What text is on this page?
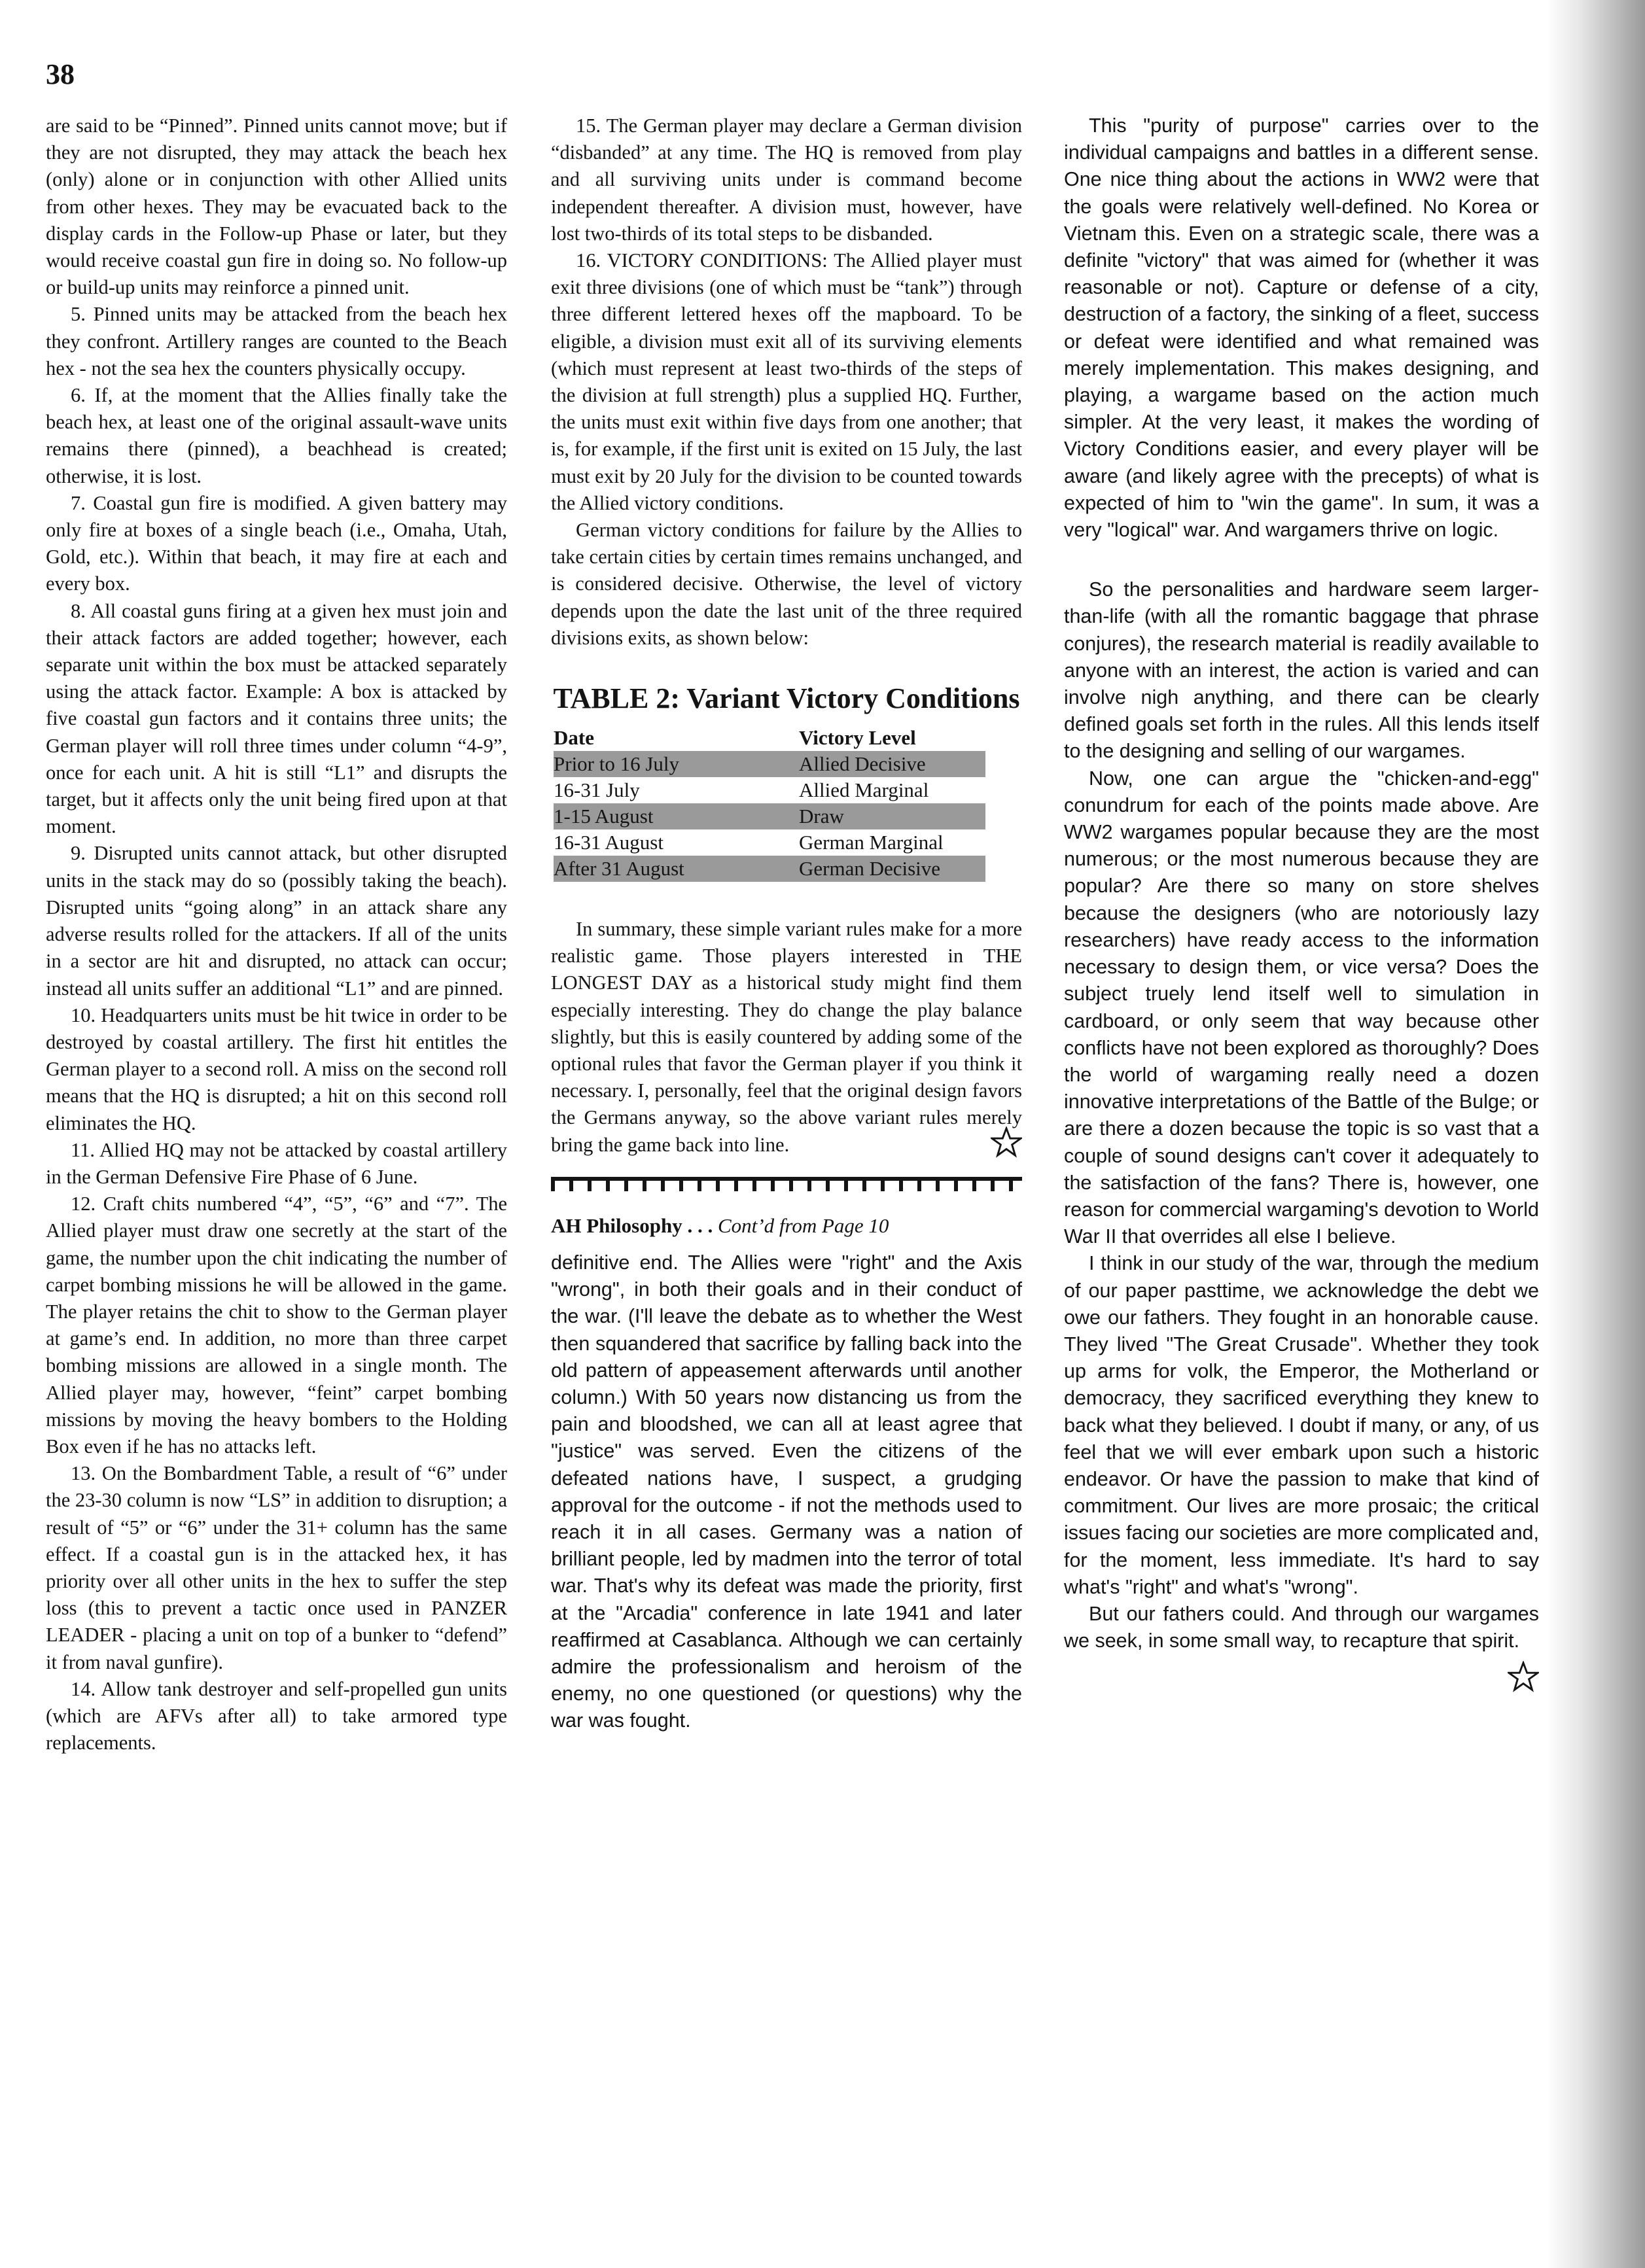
38

are said to be “Pinned”. Pinned units cannot move; but if they are not disrupted, they may attack the beach hex (only) alone or in conjunction with other Allied units from other hexes. They may be evacuated back to the display cards in the Follow-up Phase or later, but they would receive coastal gun fire in doing so. No follow-up or build-up units may reinforce a pinned unit.

5. Pinned units may be attacked from the beach hex they confront. Artillery ranges are counted to the Beach hex - not the sea hex the counters physically occupy.

6. If, at the moment that the Allies finally take the beach hex, at least one of the original assault-wave units remains there (pinned), a beachhead is created; otherwise, it is lost.

7. Coastal gun fire is modified. A given battery may only fire at boxes of a single beach (i.e., Omaha, Utah, Gold, etc.). Within that beach, it may fire at each and every box.

8. All coastal guns firing at a given hex must join and their attack factors are added together; however, each separate unit within the box must be attacked separately using the attack factor. Example: A box is attacked by five coastal gun factors and it contains three units; the German player will roll three times under column “4-9”, once for each unit. A hit is still “L1” and disrupts the target, but it affects only the unit being fired upon at that moment.

9. Disrupted units cannot attack, but other disrupted units in the stack may do so (possibly taking the beach). Disrupted units “going along” in an attack share any adverse results rolled for the attackers. If all of the units in a sector are hit and disrupted, no attack can occur; instead all units suffer an additional “L1” and are pinned.

10. Headquarters units must be hit twice in order to be destroyed by coastal artillery. The first hit entitles the German player to a second roll. A miss on the second roll means that the HQ is disrupted; a hit on this second roll eliminates the HQ.

11. Allied HQ may not be attacked by coastal artillery in the German Defensive Fire Phase of 6 June.

12. Craft chits numbered “4”, “5”, “6” and “7”. The Allied player must draw one secretly at the start of the game, the number upon the chit indicating the number of carpet bombing missions he will be allowed in the game. The player retains the chit to show to the German player at game’s end. In addition, no more than three carpet bombing missions are allowed in a single month. The Allied player may, however, “feint” carpet bombing missions by moving the heavy bombers to the Holding Box even if he has no attacks left.

13. On the Bombardment Table, a result of “6” under the 23-30 column is now “LS” in addition to disruption; a result of “5” or “6” under the 31+ column has the same effect. If a coastal gun is in the attacked hex, it has priority over all other units in the hex to suffer the step loss (this to prevent a tactic once used in PANZER LEADER - placing a unit on top of a bunker to “defend” it from naval gunfire).

14. Allow tank destroyer and self-propelled gun units (which are AFVs after all) to take armored type replacements.

15. The German player may declare a German division “disbanded” at any time. The HQ is removed from play and all surviving units under is command become independent thereafter. A division must, however, have lost two-thirds of its total steps to be disbanded.

16. VICTORY CONDITIONS: The Allied player must exit three divisions (one of which must be “tank”) through three different lettered hexes off the mapboard. To be eligible, a division must exit all of its surviving elements (which must represent at least two-thirds of the steps of the division at full strength) plus a supplied HQ. Further, the units must exit within five days from one another; that is, for example, if the first unit is exited on 15 July, the last must exit by 20 July for the division to be counted towards the Allied victory conditions.

German victory conditions for failure by the Allies to take certain cities by certain times remains unchanged, and is considered decisive. Otherwise, the level of victory depends upon the date the last unit of the three required divisions exits, as shown below:

TABLE 2: Variant Victory Conditions
Date	Victory Level
Prior to 16 July	Allied Decisive
16-31 July	Allied Marginal
1-15 August	Draw
16-31 August	German Marginal
After 31 August	German Decisive

In summary, these simple variant rules make for a more realistic game. Those players interested in THE LONGEST DAY as a historical study might find them especially interesting. They do change the play balance slightly, but this is easily countered by adding some of the optional rules that favor the German player if you think it necessary. I, personally, feel that the original design favors the Germans anyway, so the above variant rules merely bring the game back into line.

AH Philosophy . . . Cont’d from Page 10

definitive end. The Allies were "right" and the Axis "wrong", in both their goals and in their conduct of the war. (I'll leave the debate as to whether the West then squandered that sacrifice by falling back into the old pattern of appeasement afterwards until another column.) With 50 years now distancing us from the pain and bloodshed, we can all at least agree that "justice" was served. Even the citizens of the defeated nations have, I suspect, a grudging approval for the outcome - if not the methods used to reach it in all cases. Germany was a nation of brilliant people, led by madmen into the terror of total war. That's why its defeat was made the priority, first at the "Arcadia" conference in late 1941 and later reaffirmed at Casablanca. Although we can certainly admire the professionalism and heroism of the enemy, no one questioned (or questions) why the war was fought.

This "purity of purpose" carries over to the individual campaigns and battles in a different sense. One nice thing about the actions in WW2 were that the goals were relatively well-defined. No Korea or Vietnam this. Even on a strategic scale, there was a definite "victory" that was aimed for (whether it was reasonable or not). Capture or defense of a city, destruction of a factory, the sinking of a fleet, success or defeat were identified and what remained was merely implementation. This makes designing, and playing, a wargame based on the action much simpler. At the very least, it makes the wording of Victory Conditions easier, and every player will be aware (and likely agree with the precepts) of what is expected of him to "win the game". In sum, it was a very "logical" war. And wargamers thrive on logic.

So the personalities and hardware seem larger-than-life (with all the romantic baggage that phrase conjures), the research material is readily available to anyone with an interest, the action is varied and can involve nigh anything, and there can be clearly defined goals set forth in the rules. All this lends itself to the designing and selling of our wargames.

Now, one can argue the "chicken-and-egg" conundrum for each of the points made above. Are WW2 wargames popular because they are the most numerous; or the most numerous because they are popular? Are there so many on store shelves because the designers (who are notoriously lazy researchers) have ready access to the information necessary to design them, or vice versa? Does the subject truely lend itself well to simulation in cardboard, or only seem that way because other conflicts have not been explored as thoroughly? Does the world of wargaming really need a dozen innovative interpretations of the Battle of the Bulge; or are there a dozen because the topic is so vast that a couple of sound designs can't cover it adequately to the satisfaction of the fans? There is, however, one reason for commercial wargaming's devotion to World War II that overrides all else I believe.

I think in our study of the war, through the medium of our paper pasttime, we acknowledge the debt we owe our fathers. They fought in an honorable cause. They lived "The Great Crusade". Whether they took up arms for volk, the Emperor, the Motherland or democracy, they sacrificed everything they knew to back what they believed. I doubt if many, or any, of us feel that we will ever embark upon such a historic endeavor. Or have the passion to make that kind of commitment. Our lives are more prosaic; the critical issues facing our societies are more complicated and, for the moment, less immediate. It's hard to say what's "right" and what's "wrong".

But our fathers could. And through our wargames we seek, in some small way, to recapture that spirit.
